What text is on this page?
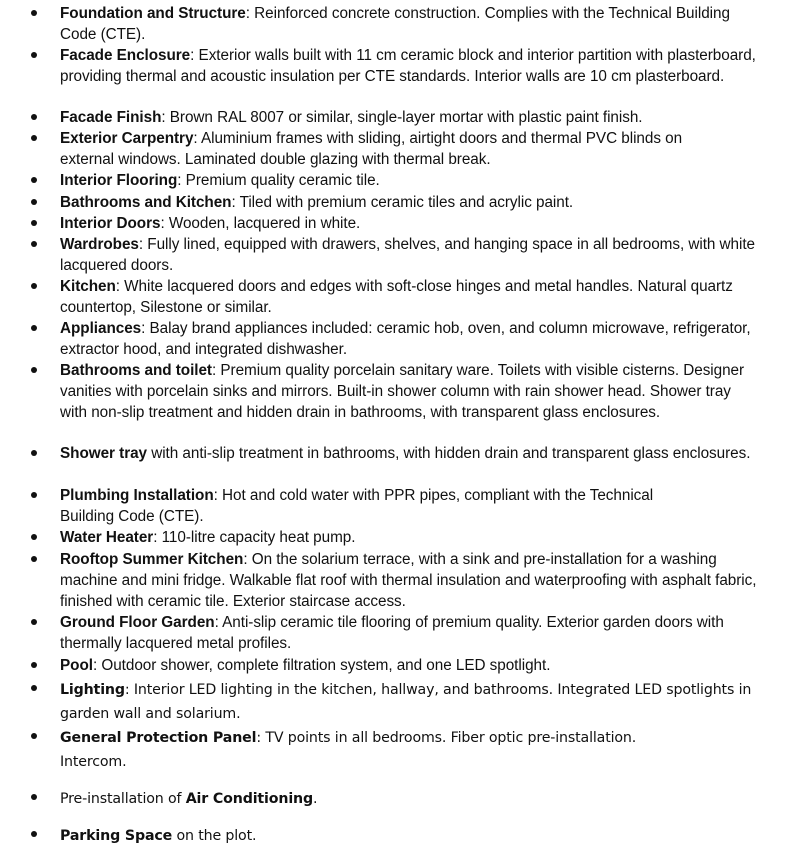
Foundation and Structure: Reinforced concrete construction. Complies with the Technical Building Code (CTE).
Facade Enclosure: Exterior walls built with 11 cm ceramic block and interior partition with plasterboard, providing thermal and acoustic insulation per CTE standards. Interior walls are 10 cm plasterboard.
Facade Finish: Brown RAL 8007 or similar, single-layer mortar with plastic paint finish.
Exterior Carpentry: Aluminium frames with sliding, airtight doors and thermal PVC blinds on external windows. Laminated double glazing with thermal break.
Interior Flooring: Premium quality ceramic tile.
Bathrooms and Kitchen: Tiled with premium ceramic tiles and acrylic paint.
Interior Doors: Wooden, lacquered in white.
Wardrobes: Fully lined, equipped with drawers, shelves, and hanging space in all bedrooms, with white lacquered doors.
Kitchen: White lacquered doors and edges with soft-close hinges and metal handles. Natural quartz countertop, Silestone or similar.
Appliances: Balay brand appliances included: ceramic hob, oven, and column microwave, refrigerator, extractor hood, and integrated dishwasher.
Bathrooms and toilet: Premium quality porcelain sanitary ware. Toilets with visible cisterns. Designer vanities with porcelain sinks and mirrors. Built-in shower column with rain shower head. Shower tray with non-slip treatment and hidden drain in bathrooms, with transparent glass enclosures.
Shower tray with anti-slip treatment in bathrooms, with hidden drain and transparent glass enclosures.
Plumbing Installation: Hot and cold water with PPR pipes, compliant with the Technical Building Code (CTE).
Water Heater: 110-litre capacity heat pump.
Rooftop Summer Kitchen: On the solarium terrace, with a sink and pre-installation for a washing machine and mini fridge. Walkable flat roof with thermal insulation and waterproofing with asphalt fabric, finished with ceramic tile. Exterior staircase access.
Ground Floor Garden: Anti-slip ceramic tile flooring of premium quality. Exterior garden doors with thermally lacquered metal profiles.
Pool: Outdoor shower, complete filtration system, and one LED spotlight.
Lighting: Interior LED lighting in the kitchen, hallway, and bathrooms. Integrated LED spotlights in garden wall and solarium.
General Protection Panel: TV points in all bedrooms. Fiber optic pre-installation. Intercom.
Pre-installation of Air Conditioning.
Parking Space on the plot.
